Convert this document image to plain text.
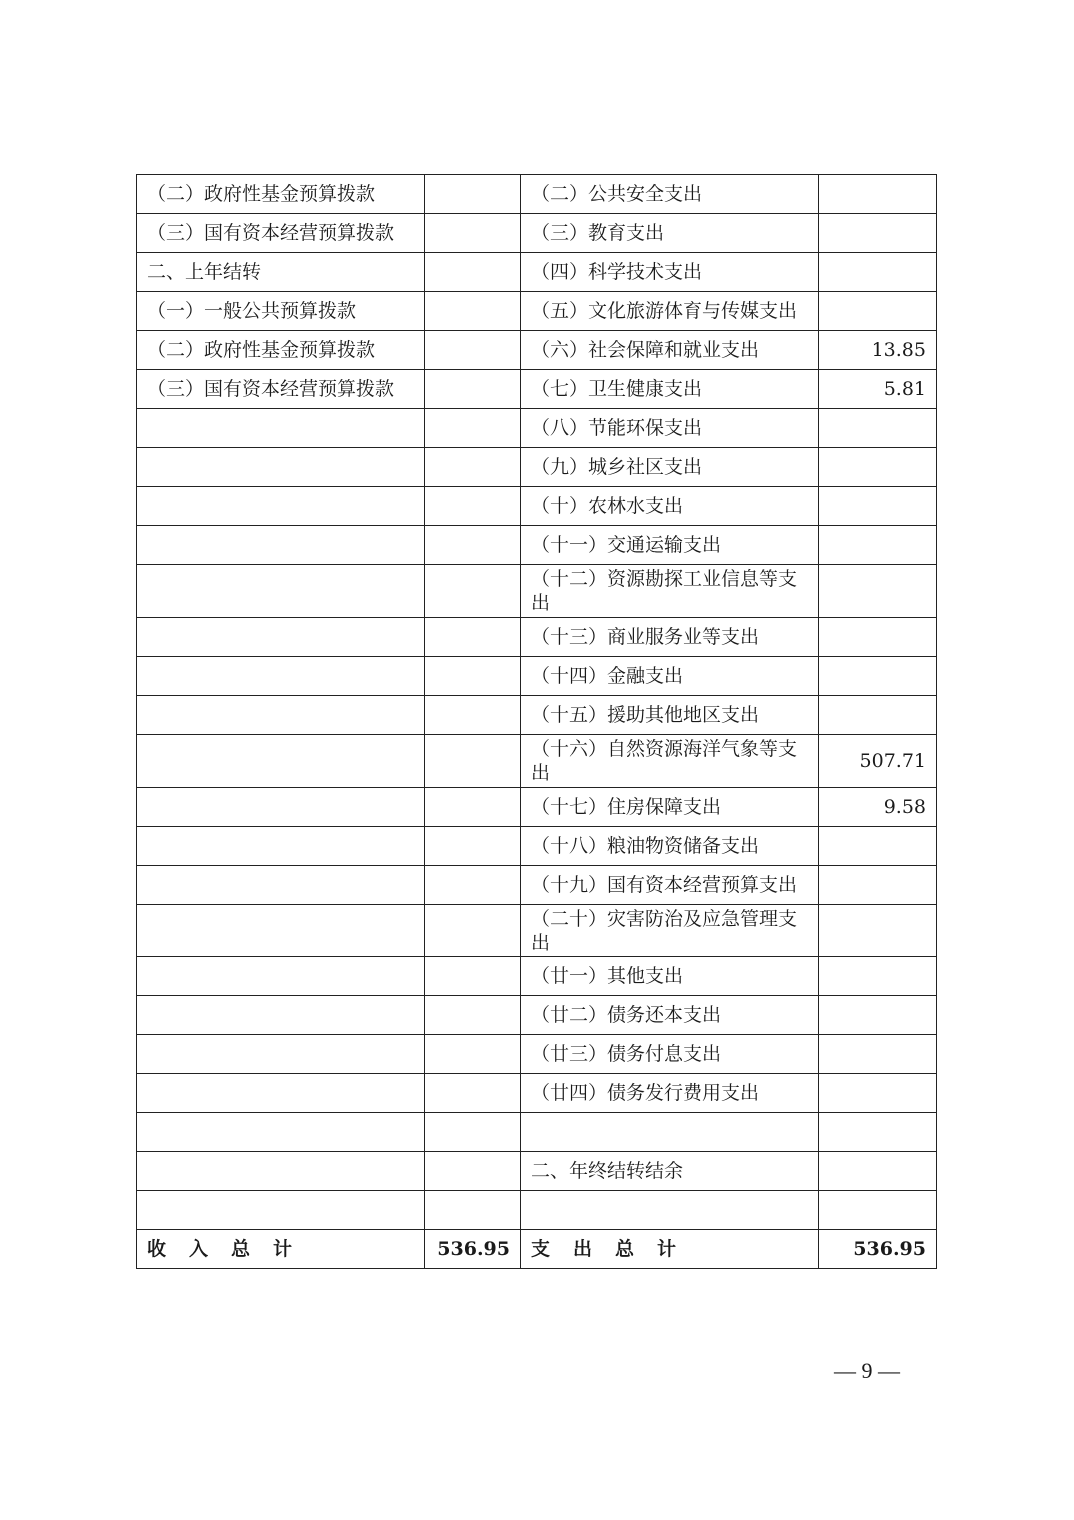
（二）政府性基金预算拨款		（二）公共安全支出	
（三）国有资本经营预算拨款		（三）教育支出	
二、上年结转		（四）科学技术支出	
（一）一般公共预算拨款		（五）文化旅游体育与传媒支出	
（二）政府性基金预算拨款		（六）社会保障和就业支出	13.85
（三）国有资本经营预算拨款		（七）卫生健康支出	5.81
		（八）节能环保支出	
		（九）城乡社区支出	
		（十）农林水支出	
		（十一）交通运输支出	
		（十二）资源勘探工业信息等支出	
		（十三）商业服务业等支出	
		（十四）金融支出	
		（十五）援助其他地区支出	
		（十六）自然资源海洋气象等支出	507.71
		（十七）住房保障支出	9.58
		（十八）粮油物资储备支出	
		（十九）国有资本经营预算支出	
		（二十）灾害防治及应急管理支出	
		（廿一）其他支出	
		（廿二）债务还本支出	
		（廿三）债务付息支出	
		（廿四）债务发行费用支出	

		二、年终结转结余	

收　入　总　计	536.95	支　出　总　计	536.95
— 9 —
